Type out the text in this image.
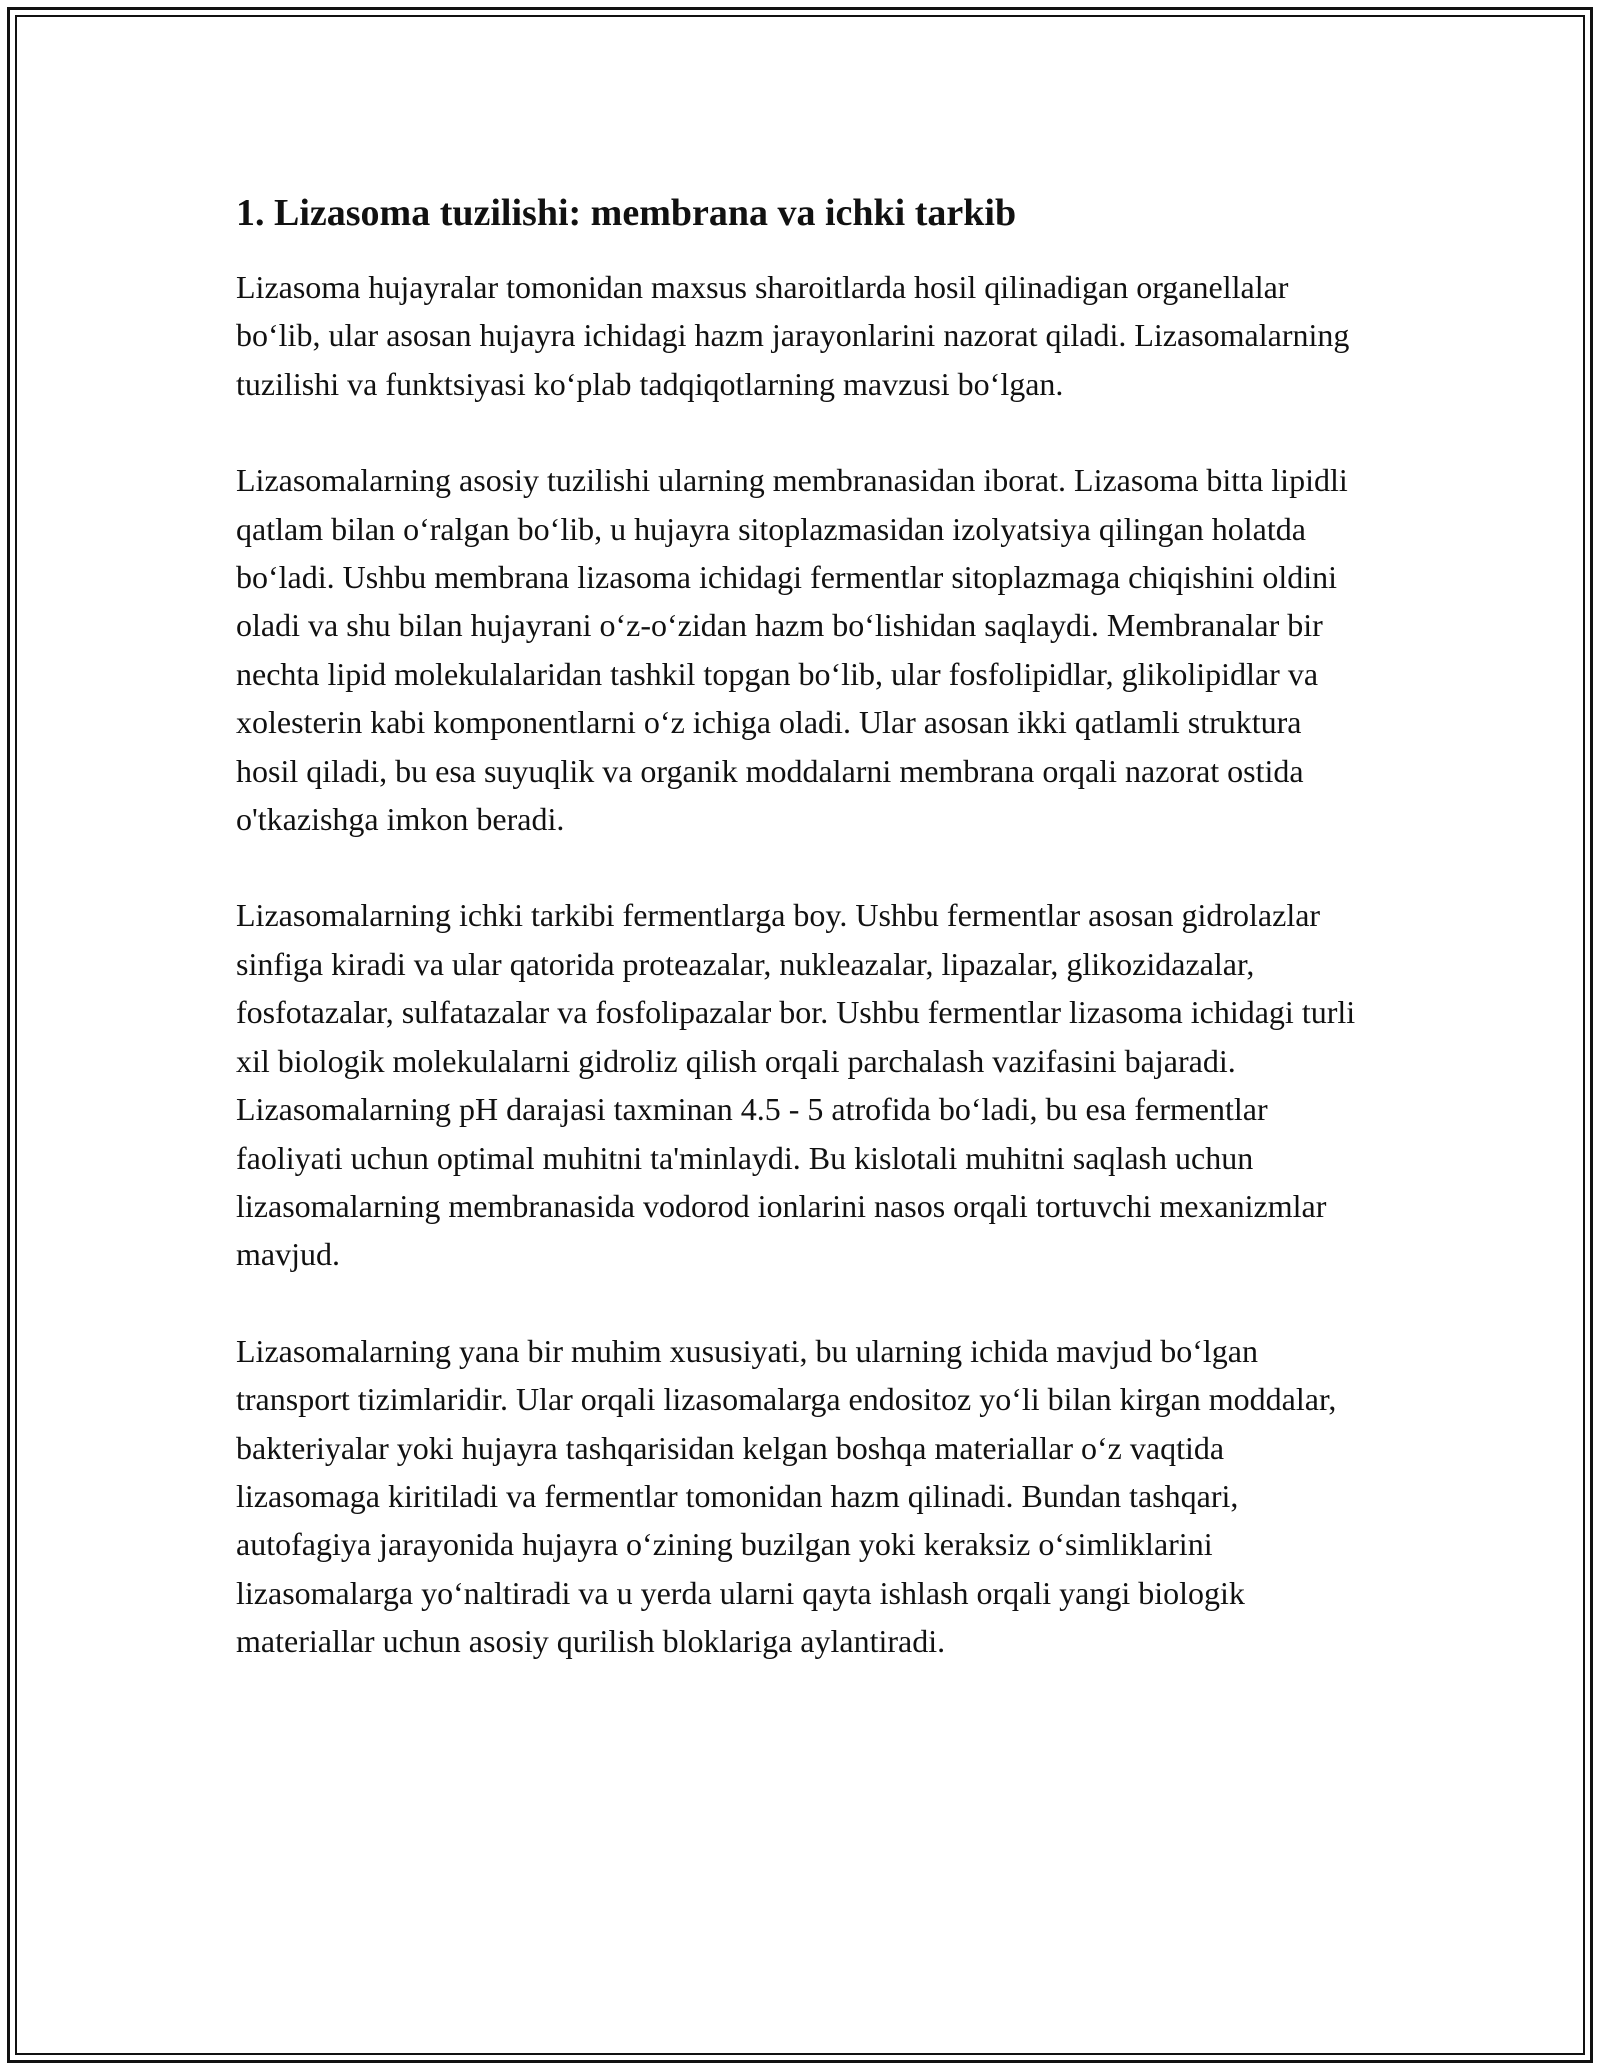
1. Lizasoma tuzilishi: membrana va ichki tarkib

Lizasoma hujayralar tomonidan maxsus sharoitlarda hosil qilinadigan organellalar bo‘lib, ular asosan hujayra ichidagi hazm jarayonlarini nazorat qiladi. Lizasomalarning tuzilishi va funktsiyasi ko‘plab tadqiqotlarning mavzusi bo‘lgan.

Lizasomalarning asosiy tuzilishi ularning membranasidan iborat. Lizasoma bitta lipidli qatlam bilan o‘ralgan bo‘lib, u hujayra sitoplazmasidan izolyatsiya qilingan holatda bo‘ladi. Ushbu membrana lizasoma ichidagi fermentlar sitoplazmaga chiqishini oldini oladi va shu bilan hujayrani o‘z-o‘zidan hazm bo‘lishidan saqlaydi. Membranalar bir nechta lipid molekulalaridan tashkil topgan bo‘lib, ular fosfolipidlar, glikolipidlar va xolesterin kabi komponentlarni o‘z ichiga oladi. Ular asosan ikki qatlamli struktura hosil qiladi, bu esa suyuqlik va organik moddalarni membrana orqali nazorat ostida o'tkazishga imkon beradi.

Lizasomalarning ichki tarkibi fermentlarga boy. Ushbu fermentlar asosan gidrolazlar sinfiga kiradi va ular qatorida proteazalar, nukleazalar, lipazalar, glikozidazalar, fosfotazalar, sulfatazalar va fosfolipazalar bor. Ushbu fermentlar lizasoma ichidagi turli xil biologik molekulalarni gidroliz qilish orqali parchalash vazifasini bajaradi. Lizasomalarning pH darajasi taxminan 4.5 - 5 atrofida bo‘ladi, bu esa fermentlar faoliyati uchun optimal muhitni ta'minlaydi. Bu kislotali muhitni saqlash uchun lizasomalarning membranasida vodorod ionlarini nasos orqali tortuvchi mexanizmlar mavjud.

Lizasomalarning yana bir muhim xususiyati, bu ularning ichida mavjud bo‘lgan transport tizimlaridir. Ular orqali lizasomalarga endositoz yo‘li bilan kirgan moddalar, bakteriyalar yoki hujayra tashqarisidan kelgan boshqa materiallar o‘z vaqtida lizasomaga kiritiladi va fermentlar tomonidan hazm qilinadi. Bundan tashqari, autofagiya jarayonida hujayra o‘zining buzilgan yoki keraksiz o‘simliklarini lizasomalarga yo‘naltiradi va u yerda ularni qayta ishlash orqali yangi biologik materiallar uchun asosiy qurilish bloklariga aylantiradi.
